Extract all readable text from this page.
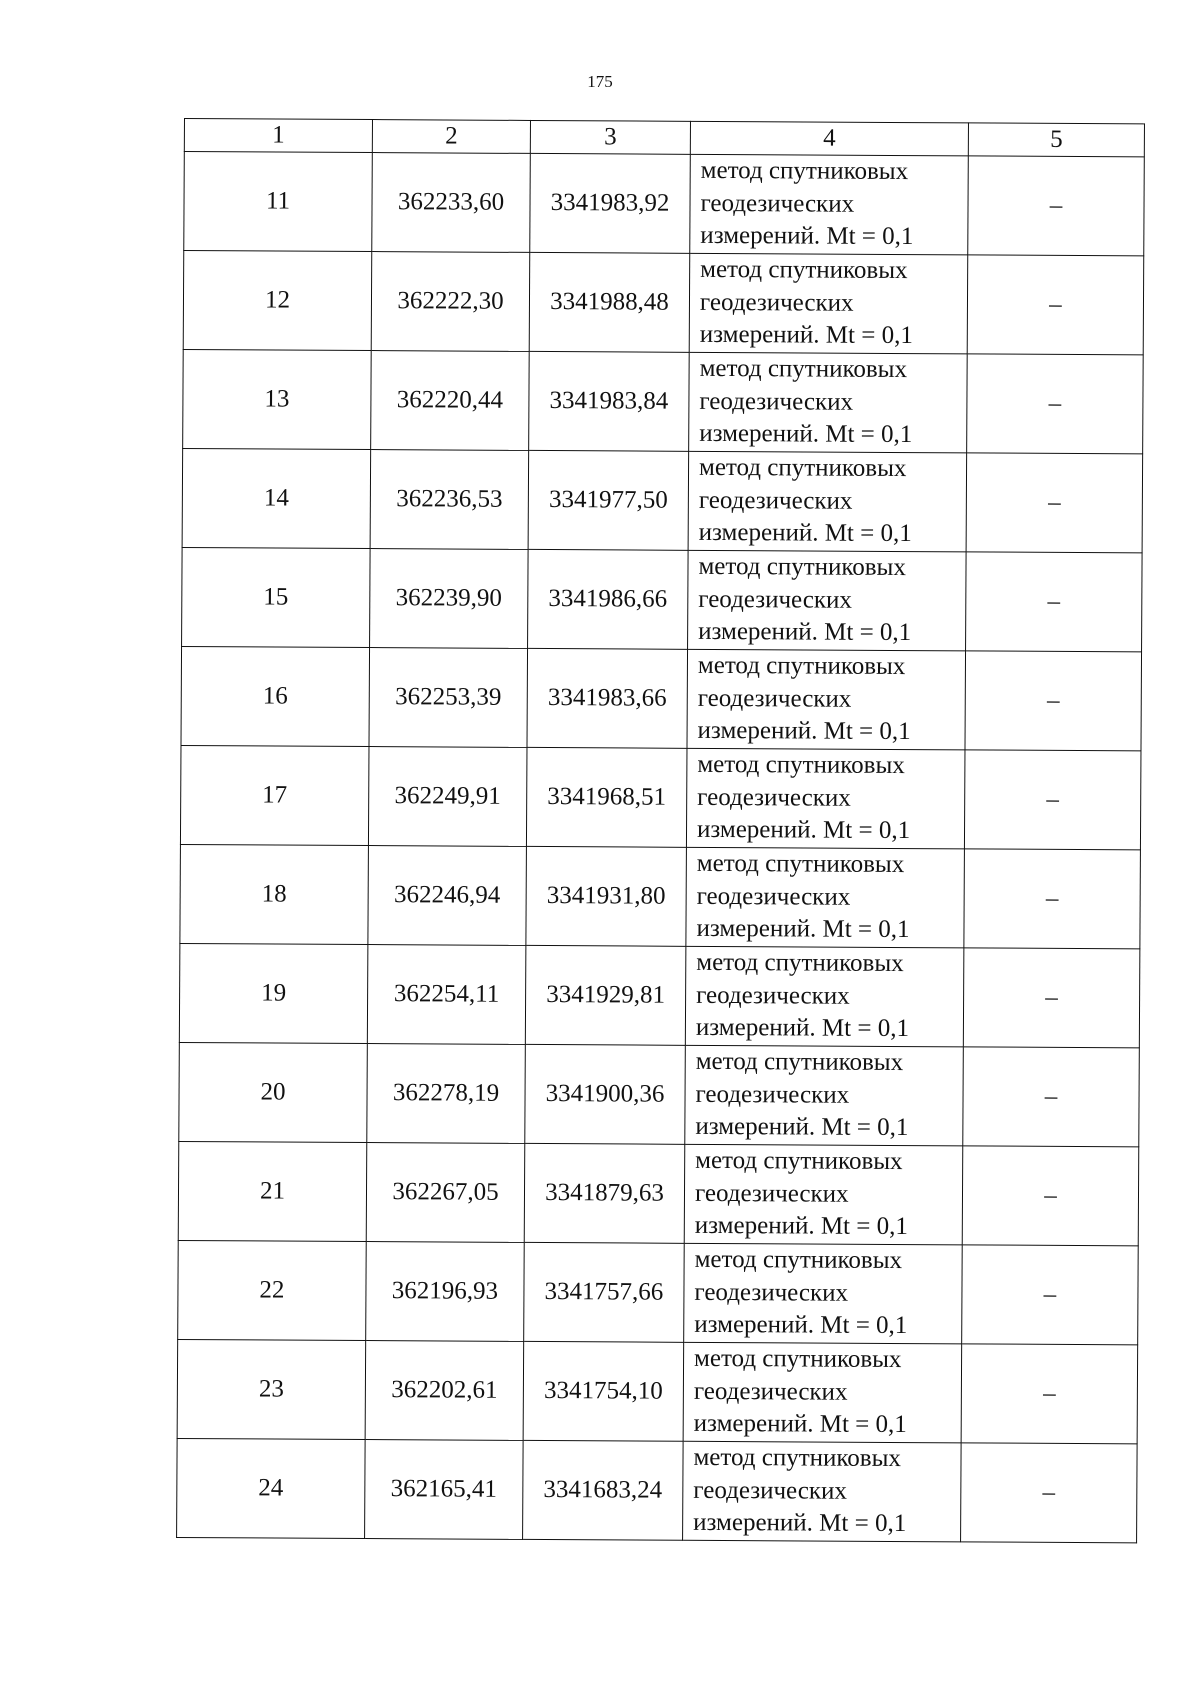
175
1	2	3	4	5
11	362233,60	3341983,92	метод спутниковых
геодезических
измерений. Mt = 0,1	–
12	362222,30	3341988,48	метод спутниковых
геодезических
измерений. Mt = 0,1	–
13	362220,44	3341983,84	метод спутниковых
геодезических
измерений. Mt = 0,1	–
14	362236,53	3341977,50	метод спутниковых
геодезических
измерений. Mt = 0,1	–
15	362239,90	3341986,66	метод спутниковых
геодезических
измерений. Mt = 0,1	–
16	362253,39	3341983,66	метод спутниковых
геодезических
измерений. Mt = 0,1	–
17	362249,91	3341968,51	метод спутниковых
геодезических
измерений. Mt = 0,1	–
18	362246,94	3341931,80	метод спутниковых
геодезических
измерений. Mt = 0,1	–
19	362254,11	3341929,81	метод спутниковых
геодезических
измерений. Mt = 0,1	–
20	362278,19	3341900,36	метод спутниковых
геодезических
измерений. Mt = 0,1	–
21	362267,05	3341879,63	метод спутниковых
геодезических
измерений. Mt = 0,1	–
22	362196,93	3341757,66	метод спутниковых
геодезических
измерений. Mt = 0,1	–
23	362202,61	3341754,10	метод спутниковых
геодезических
измерений. Mt = 0,1	–
24	362165,41	3341683,24	метод спутниковых
геодезических
измерений. Mt = 0,1	–
